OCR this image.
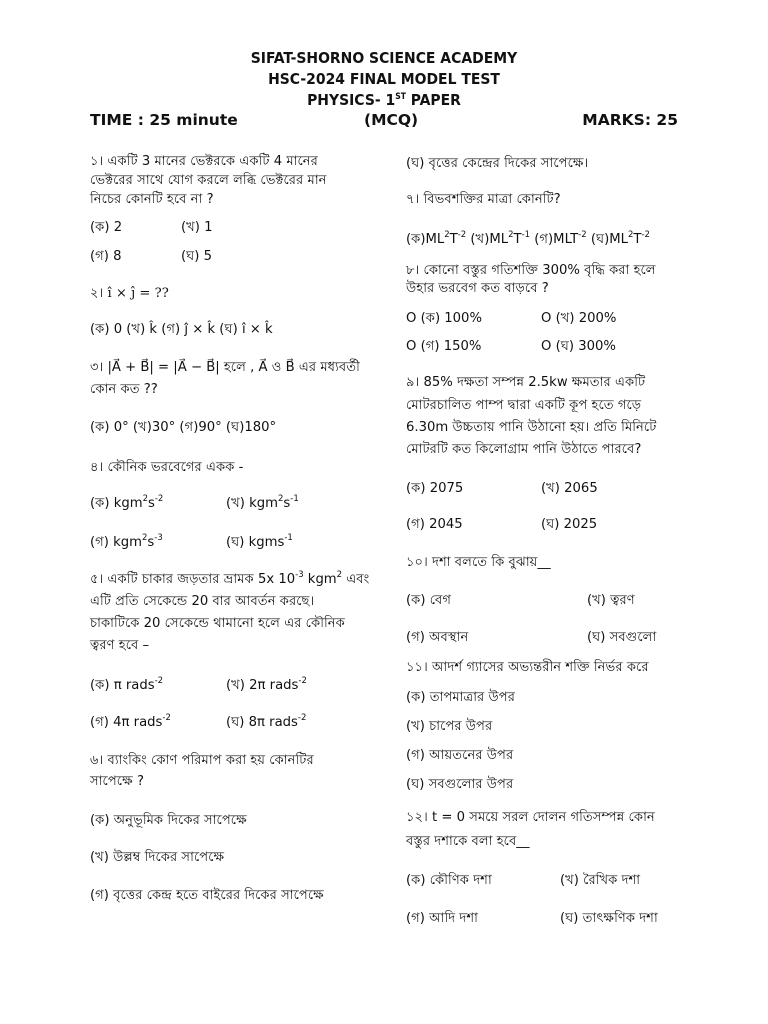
SIFAT-SHORNO SCIENCE ACADEMY
HSC-2024 FINAL MODEL TEST
PHYSICS- 1ST PAPER
TIME : 25 minute	(MCQ)	MARKS: 25
১। একটি 3 মানের ভেক্টরকে একটি 4 মানের
ভেক্টরের সাথে যোগ করলে লব্ধি ভেক্টরের মান
নিচের কোনটি হবে না ?
(ক) 2	(খ) 1
(গ) 8	(ঘ) 5
২। î × ĵ = ??
(ক) 0 (খ) k̂ (গ) ĵ × k̂ (ঘ) î × k̂
৩। |A⃗ + B⃗| = |A⃗ − B⃗| হলে , A⃗ ও B⃗ এর মধ্যবর্তী
কোন কত ??
(ক) 0° (খ)30° (গ)90° (ঘ)180°
৪। কৌনিক ভরবেগের একক -
(ক) $kgm^2s^{-2}$	(খ) $kgm^2s^{-1}$
(গ) $kgm^2s^{-3}$	(ঘ) kgms$^{-1}$
৫। একটি চাকার জড়তার ভ্রামক 5x $10^{-3}$ kgm$^2$ এবং
এটি প্রতি সেকেন্ডে 20 বার আবর্তন করছে।
চাকাটিকে 20 সেকেন্ডে থামানো হলে এর কৌনিক
ত্বরণ হবে –
(ক) π rads$^{-2}$	(খ) 2π rads$^{-2}$
(গ) 4π rads$^{-2}$	(ঘ) 8π rads$^{-2}$
৬। ব্যাংকিং কোণ পরিমাপ করা হয় কোনটির
সাপেক্ষে ?
(ক) অনুভূমিক দিকের সাপেক্ষে
(খ) উল্লম্ব দিকের সাপেক্ষে
(গ) বৃত্তের কেন্দ্র হতে বাইরের দিকের সাপেক্ষে
(ঘ) বৃত্তের কেন্দ্রের দিকের সাপেক্ষে।
৭। বিভবশক্তির মাত্রা কোনটি?
$(ক)ML^2T^{-2}$ $(খ)ML^2T^{-1}$ $(গ)MLT^{-2}$ $(ঘ)ML^2T^{-2}$
৮। কোনো বস্তুর গতিশক্তি 300% বৃদ্ধি করা হলে
উহার ভরবেগ কত বাড়বে ?
O (ক) 100%	O (খ) 200%
O (গ) 150%	O (ঘ) 300%
৯। 85% দক্ষতা সম্পন্ন 2.5kw ক্ষমতার একটি
মোটরচালিত পাম্প দ্বারা একটি কূপ হতে গড়ে
6.30m উচ্চতায় পানি উঠানো হয়। প্রতি মিনিটে
মোটরটি কত কিলোগ্রাম পানি উঠাতে পারবে?
(ক) 2075	(খ) 2065
(গ) 2045	(ঘ) 2025
১০। দশা বলতে কি বুঝায়__
(ক) বেগ	(খ) ত্বরণ
(গ) অবস্থান	(ঘ) সবগুলো
১১। আদর্শ গ্যাসের অভ্যন্তরীন শক্তি নির্ভর করে
(ক) তাপমাত্রার উপর
(খ) চাপের উপর
(গ) আয়তনের উপর
(ঘ) সবগুলোর উপর
১২। t = 0 সময়ে সরল দোলন গতিসম্পন্ন কোন
বস্তুর দশাকে বলা হবে__
(ক) কৌণিক দশা	(খ) রৈখিক দশা
(গ) আদি দশা	(ঘ) তাৎক্ষণিক দশা
